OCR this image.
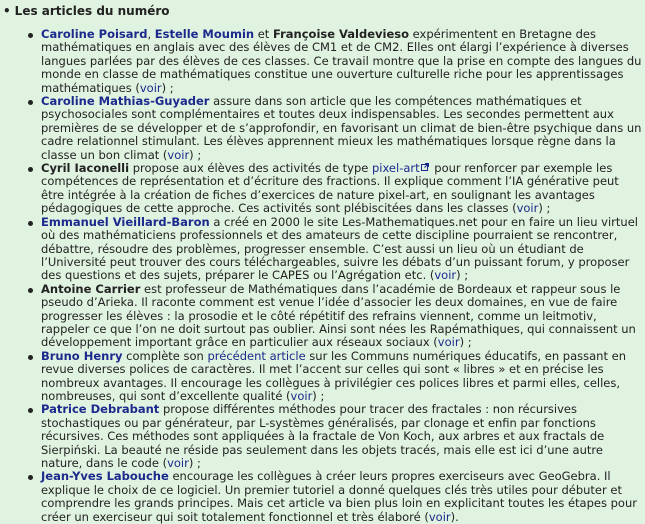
• Les articles du numéro
Caroline Poisard, Estelle Moumin et Françoise Valdevieso expérimentent en Bretagne des mathématiques en anglais avec des élèves de CM1 et de CM2. Elles ont élargi l’expérience à diverses langues parlées par des élèves de ces classes. Ce travail montre que la prise en compte des langues du monde en classe de mathématiques constitue une ouverture culturelle riche pour les apprentissages mathématiques (voir) ;
Caroline Mathias-Guyader assure dans son article que les compétences mathématiques et psychosociales sont complémentaires et toutes deux indispensables. Les secondes permettent aux premières de se développer et de s’approfondir, en favorisant un climat de bien-être psychique dans un cadre relationnel stimulant. Les élèves apprennent mieux les mathématiques lorsque règne dans la classe un bon climat (voir) ;
Cyril Iaconelli propose aux élèves des activités de type pixel-art pour renforcer par exemple les compétences de représentation et d’écriture des fractions. Il explique comment l’IA générative peut être intégrée à la création de fiches d’exercices de nature pixel-art, en soulignant les avantages pédagogiques de cette approche. Ces activités sont plébiscitées dans les classes (voir) ;
Emmanuel Vieillard-Baron a créé en 2000 le site Les-Mathematiques.net pour en faire un lieu virtuel où des mathématiciens professionnels et des amateurs de cette discipline pourraient se rencontrer, débattre, résoudre des problèmes, progresser ensemble. C’est aussi un lieu où un étudiant de l’Université peut trouver des cours téléchargeables, suivre les débats d’un puissant forum, y proposer des questions et des sujets, préparer le CAPES ou l’Agrégation etc. (voir) ;
Antoine Carrier est professeur de Mathématiques dans l’académie de Bordeaux et rappeur sous le pseudo d’Arieka. Il raconte comment est venue l’idée d’associer les deux domaines, en vue de faire progresser les élèves : la prosodie et le côté répétitif des refrains viennent, comme un leitmotiv, rappeler ce que l’on ne doit surtout pas oublier. Ainsi sont nées les Rapémathiques, qui connaissent un développement important grâce en particulier aux réseaux sociaux (voir) ;
Bruno Henry complète son précédent article sur les Communs numériques éducatifs, en passant en revue diverses polices de caractères. Il met l’accent sur celles qui sont « libres » et en précise les nombreux avantages. Il encourage les collègues à privilégier ces polices libres et parmi elles, celles, nombreuses, qui sont d’excellente qualité (voir) ;
Patrice Debrabant propose différentes méthodes pour tracer des fractales : non récursives stochastiques ou par générateur, par L-systèmes généralisés, par clonage et enfin par fonctions récursives. Ces méthodes sont appliquées à la fractale de Von Koch, aux arbres et aux fractals de Sierpiński. La beauté ne réside pas seulement dans les objets tracés, mais elle est ici d’une autre nature, dans le code (voir) ;
Jean-Yves Labouche encourage les collègues à créer leurs propres exerciseurs avec GeoGebra. Il explique le choix de ce logiciel. Un premier tutoriel a donné quelques clés très utiles pour débuter et comprendre les grands principes. Mais cet article va bien plus loin en explicitant toutes les étapes pour créer un exerciseur qui soit totalement fonctionnel et très élaboré (voir).
